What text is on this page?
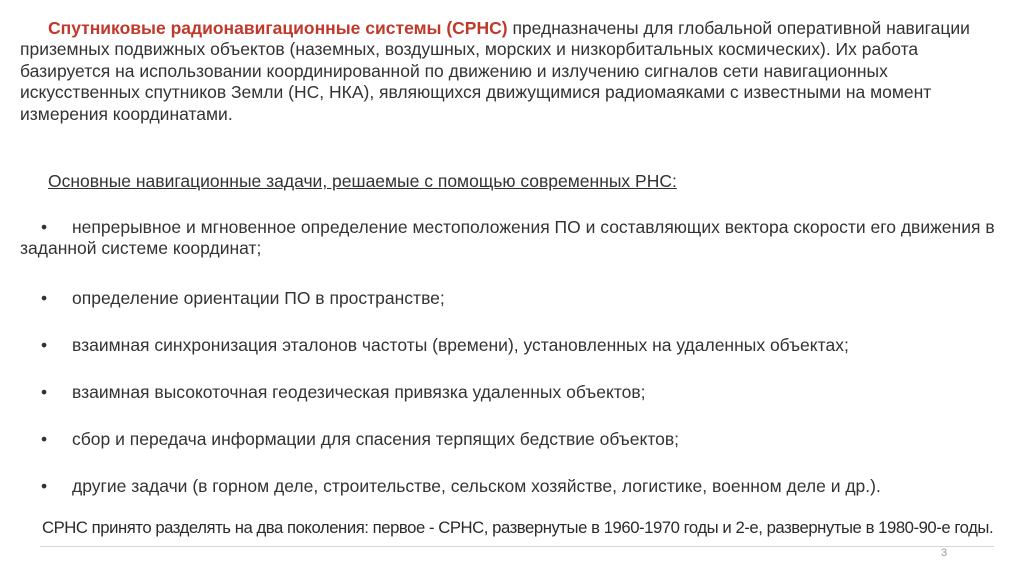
Спутниковые радионавигационные системы (СРНС) предназначены для глобальной оперативной навигации приземных подвижных объектов (наземных, воздушных, морских и низкорбитальных космических). Их работа базируется на использовании координированной по движению и излучению сигналов сети навигационных искусственных спутников Земли (НС, НКА), являющихся движущимися радиомаяками с известными на момент измерения координатами.

Основные навигационные задачи, решаемые с помощью современных РНС:

• непрерывное и мгновенное определение местоположения ПО и составляющих вектора скорости его движения в заданной системе координат;
• определение ориентации ПО в пространстве;
• взаимная синхронизация эталонов частоты (времени), установленных на удаленных объектах;
• взаимная высокоточная геодезическая привязка удаленных объектов;
• сбор и передача информации для спасения терпящих бедствие объектов;
• другие задачи (в горном деле, строительстве, сельском хозяйстве, логистике, военном деле и др.).

СРНС принято разделять на два поколения: первое - СРНС, развернутые в 1960-1970 годы и 2-е, развернутые в 1980-90-е годы.

3
